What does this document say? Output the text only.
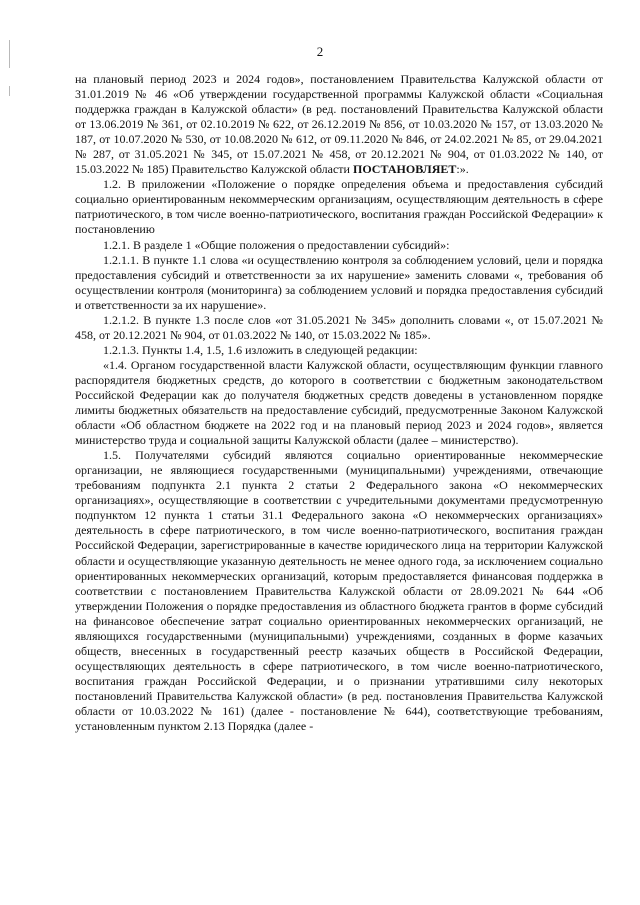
2

на плановый период 2023 и 2024 годов», постановлением Правительства Калужской области от 31.01.2019 № 46 «Об утверждении государственной программы Калужской области «Социальная поддержка граждан в Калужской области» (в ред. постановлений Правительства Калужской области от 13.06.2019 № 361, от 02.10.2019 № 622, от 26.12.2019 № 856, от 10.03.2020 № 157, от 13.03.2020 № 187, от 10.07.2020 № 530, от 10.08.2020 № 612, от 09.11.2020 № 846, от 24.02.2021 № 85, от 29.04.2021 № 287, от 31.05.2021 № 345, от 15.07.2021 № 458, от 20.12.2021 № 904, от 01.03.2022 № 140, от 15.03.2022 № 185) Правительство Калужской области ПОСТАНОВЛЯЕТ:».

1.2. В приложении «Положение о порядке определения объема и предоставления субсидий социально ориентированным некоммерческим организациям, осуществляющим деятельность в сфере патриотического, в том числе военно-патриотического, воспитания граждан Российской Федерации» к постановлению

1.2.1. В разделе 1 «Общие положения о предоставлении субсидий»:

1.2.1.1. В пункте 1.1 слова «и осуществлению контроля за соблюдением условий, цели и порядка предоставления субсидий и ответственности за их нарушение» заменить словами «, требования об осуществлении контроля (мониторинга) за соблюдением условий и порядка предоставления субсидий и ответственности за их нарушение».

1.2.1.2. В пункте 1.3 после слов «от 31.05.2021 № 345» дополнить словами «, от 15.07.2021 № 458, от 20.12.2021 № 904, от 01.03.2022 № 140, от 15.03.2022 № 185».

1.2.1.3. Пункты 1.4, 1.5, 1.6 изложить в следующей редакции:

«1.4. Органом государственной власти Калужской области, осуществляющим функции главного распорядителя бюджетных средств, до которого в соответствии с бюджетным законодательством Российской Федерации как до получателя бюджетных средств доведены в установленном порядке лимиты бюджетных обязательств на предоставление субсидий, предусмотренные Законом Калужской области «Об областном бюджете на 2022 год и на плановый период 2023 и 2024 годов», является министерство труда и социальной защиты Калужской области (далее – министерство).

1.5. Получателями субсидий являются социально ориентированные некоммерческие организации, не являющиеся государственными (муниципальными) учреждениями, отвечающие требованиям подпункта 2.1 пункта 2 статьи 2 Федерального закона «О некоммерческих организациях», осуществляющие в соответствии с учредительными документами предусмотренную подпунктом 12 пункта 1 статьи 31.1 Федерального закона «О некоммерческих организациях» деятельность в сфере патриотического, в том числе военно-патриотического, воспитания граждан Российской Федерации, зарегистрированные в качестве юридического лица на территории Калужской области и осуществляющие указанную деятельность не менее одного года, за исключением социально ориентированных некоммерческих организаций, которым предоставляется финансовая поддержка в соответствии с постановлением Правительства Калужской области от 28.09.2021 № 644 «Об утверждении Положения о порядке предоставления из областного бюджета грантов в форме субсидий на финансовое обеспечение затрат социально ориентированных некоммерческих организаций, не являющихся государственными (муниципальными) учреждениями, созданных в форме казачьих обществ, внесенных в государственный реестр казачьих обществ в Российской Федерации, осуществляющих деятельность в сфере патриотического, в том числе военно-патриотического, воспитания граждан Российской Федерации, и о признании утратившими силу некоторых постановлений Правительства Калужской области» (в ред. постановления Правительства Калужской области от 10.03.2022 № 161) (далее - постановление № 644), соответствующие требованиям, установленным пунктом 2.13 Порядка (далее -
